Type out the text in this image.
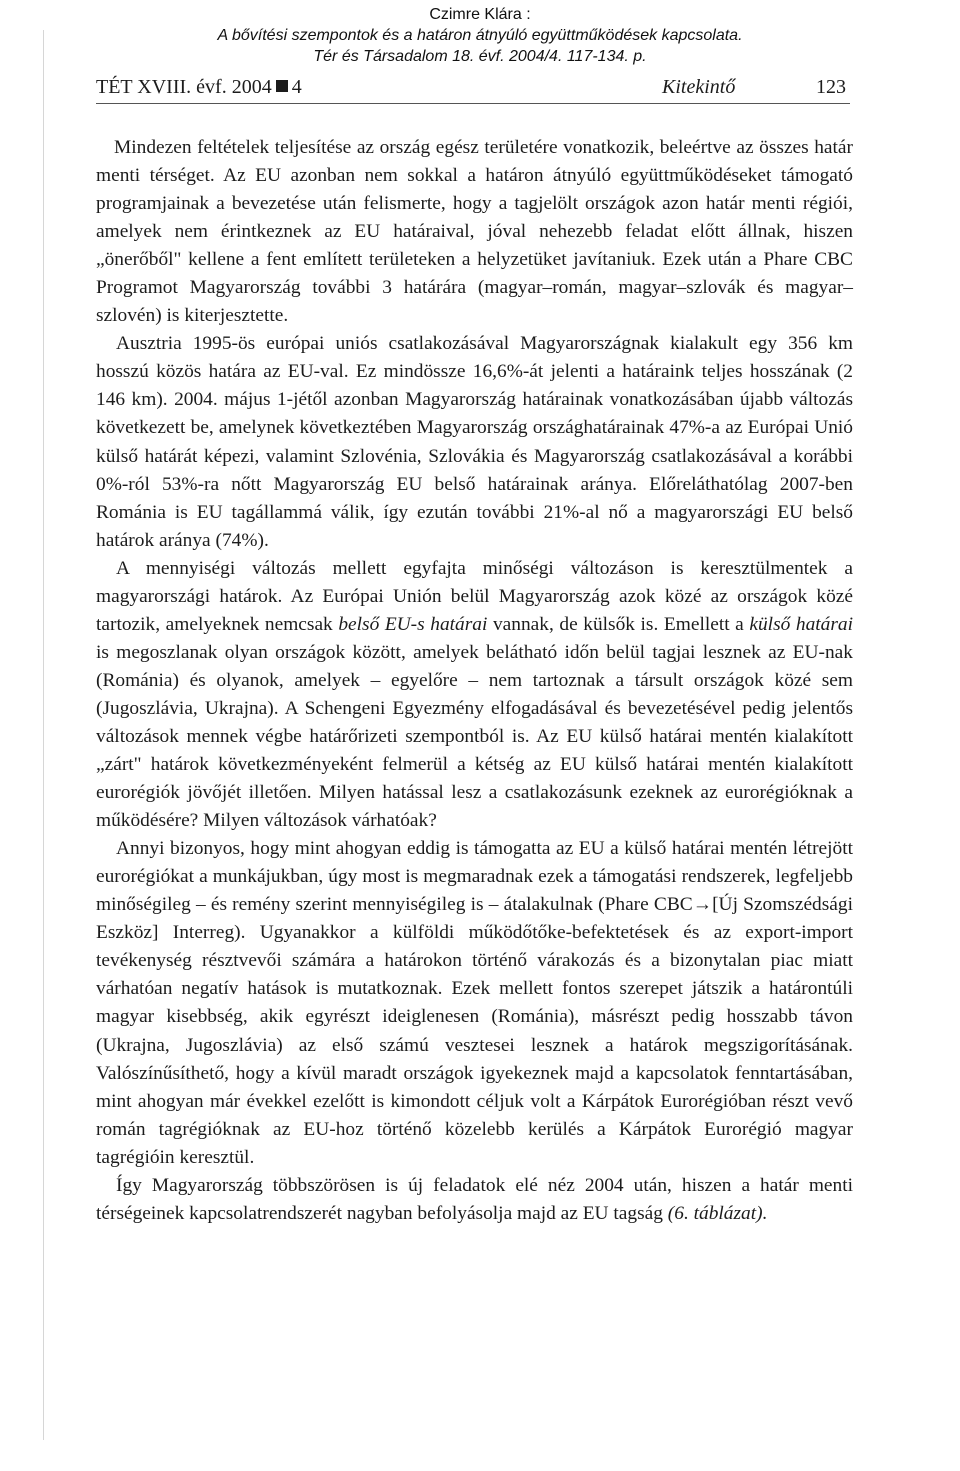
Czimre Klára :
A bővítési szempontok és a határon átnyúló együttműködések kapcsolata.
Tér és Társadalom 18. évf. 2004/4. 117-134. p.
TÉT XVIII. évf. 2004 4	Kitekintő	123

Mindezen feltételek teljesítése az ország egész területére vonatkozik, beleértve az összes határ menti térséget. Az EU azonban nem sokkal a határon átnyúló együttműködéseket támogató programjainak a bevezetése után felismerte, hogy a tagjelölt országok azon határ menti régiói, amelyek nem érintkeznek az EU határaival, jóval nehezebb feladat előtt állnak, hiszen „önerőből" kellene a fent említett területeken a helyzetüket javítaniuk. Ezek után a Phare CBC Programot Magyarország további 3 határára (magyar–román, magyar–szlovák és magyar–szlovén) is kiterjesztette.

Ausztria 1995-ös európai uniós csatlakozásával Magyarországnak kialakult egy 356 km hosszú közös határa az EU-val. Ez mindössze 16,6%-át jelenti a határaink teljes hosszának (2 146 km). 2004. május 1-jétől azonban Magyarország határainak vonatkozásában újabb változás következett be, amelynek következtében Magyarország országhatárainak 47%-a az Európai Unió külső határát képezi, valamint Szlovénia, Szlovákia és Magyarország csatlakozásával a korábbi 0%-ról 53%-ra nőtt Magyarország EU belső határainak aránya. Előreláthatólag 2007-ben Románia is EU tagállammá válik, így ezután további 21%-al nő a magyarországi EU belső határok aránya (74%).

A mennyiségi változás mellett egyfajta minőségi változáson is keresztülmentek a magyarországi határok. Az Európai Unión belül Magyarország azok közé az országok közé tartozik, amelyeknek nemcsak belső EU-s határai vannak, de külsők is. Emellett a külső határai is megoszlanak olyan országok között, amelyek belátható időn belül tagjai lesznek az EU-nak (Románia) és olyanok, amelyek – egyelőre – nem tartoznak a társult országok közé sem (Jugoszlávia, Ukrajna). A Schengeni Egyezmény elfogadásával és bevezetésével pedig jelentős változások mennek végbe határőrizeti szempontból is. Az EU külső határai mentén kialakított „zárt" határok következményeként felmerül a kétség az EU külső határai mentén kialakított eurorégiók jövőjét illetően. Milyen hatással lesz a csatlakozásunk ezeknek az eurorégióknak a működésére? Milyen változások várhatóak?

Annyi bizonyos, hogy mint ahogyan eddig is támogatta az EU a külső határai mentén létrejött eurorégiókat a munkájukban, úgy most is megmaradnak ezek a támogatási rendszerek, legfeljebb minőségileg – és remény szerint mennyiségileg is – átalakulnak (Phare CBC→[Új Szomszédsági Eszköz] Interreg). Ugyanakkor a külföldi működőtőke-befektetések és az export-import tevékenység résztvevői számára a határokon történő várakozás és a bizonytalan piac miatt várhatóan negatív hatások is mutatkoznak. Ezek mellett fontos szerepet játszik a határontúli magyar kisebbség, akik egyrészt ideiglenesen (Románia), másrészt pedig hosszabb távon (Ukrajna, Jugoszlávia) az első számú vesztesei lesznek a határok megszigorításának. Valószínűsíthető, hogy a kívül maradt országok igyekeznek majd a kapcsolatok fenntartásában, mint ahogyan már évekkel ezelőtt is kimondott céljuk volt a Kárpátok Eurorégióban részt vevő román tagrégióknak az EU-hoz történő közelebb kerülés a Kárpátok Eurorégió magyar tagrégióin keresztül.

Így Magyarország többszörösen is új feladatok elé néz 2004 után, hiszen a határ menti térségeinek kapcsolatrendszerét nagyban befolyásolja majd az EU tagság (6. táblázat).
